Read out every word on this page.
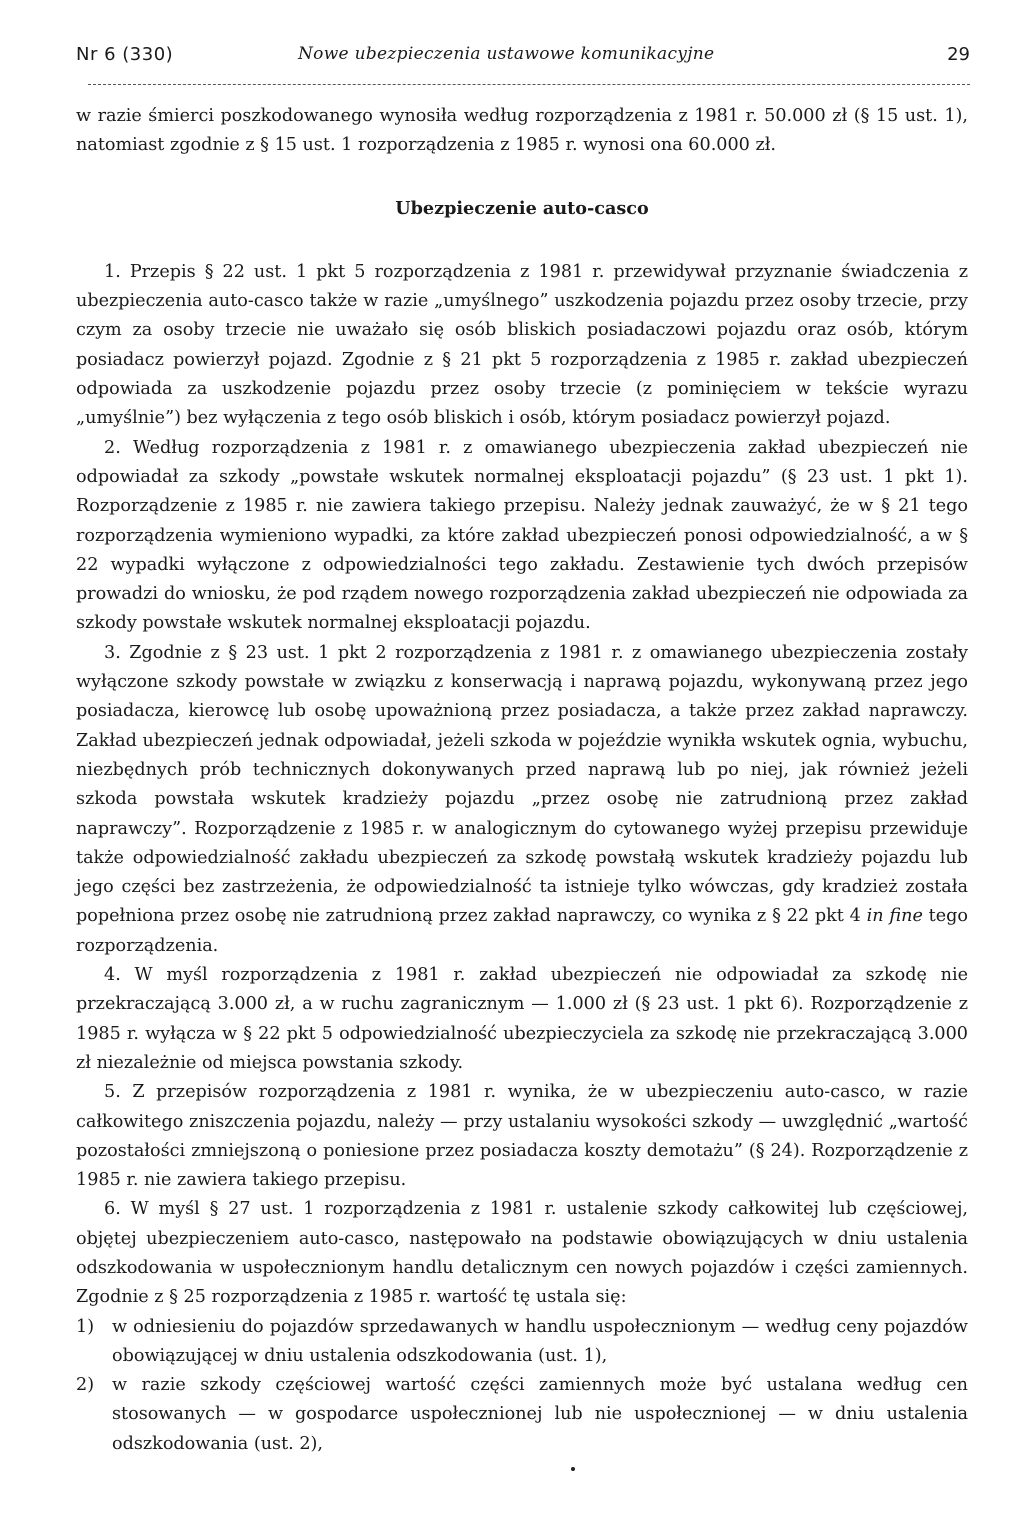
Nr 6 (330)	Nowe ubezpieczenia ustawowe komunikacyjne	29

w razie śmierci poszkodowanego wynosiła według rozporządzenia z 1981 r. 50.000 zł (§ 15 ust. 1), natomiast zgodnie z § 15 ust. 1 rozporządzenia z 1985 r. wynosi ona 60.000 zł.

Ubezpieczenie auto-casco

1. Przepis § 22 ust. 1 pkt 5 rozporządzenia z 1981 r. przewidywał przyznanie świadczenia z ubezpieczenia auto-casco także w razie „umyślnego” uszkodzenia pojazdu przez osoby trzecie, przy czym za osoby trzecie nie uważało się osób bliskich posiadaczowi pojazdu oraz osób, którym posiadacz powierzył pojazd. Zgodnie z § 21 pkt 5 rozporządzenia z 1985 r. zakład ubezpieczeń odpowiada za uszkodzenie pojazdu przez osoby trzecie (z pominięciem w tekście wyrazu „umyślnie”) bez wyłączenia z tego osób bliskich i osób, którym posiadacz powierzył pojazd.

2. Według rozporządzenia z 1981 r. z omawianego ubezpieczenia zakład ubezpieczeń nie odpowiadał za szkody „powstałe wskutek normalnej eksploatacji pojazdu” (§ 23 ust. 1 pkt 1). Rozporządzenie z 1985 r. nie zawiera takiego przepisu. Należy jednak zauważyć, że w § 21 tego rozporządzenia wymieniono wypadki, za które zakład ubezpieczeń ponosi odpowiedzialność, a w § 22 wypadki wyłączone z odpowiedzialności tego zakładu. Zestawienie tych dwóch przepisów prowadzi do wniosku, że pod rządem nowego rozporządzenia zakład ubezpieczeń nie odpowiada za szkody powstałe wskutek normalnej eksploatacji pojazdu.

3. Zgodnie z § 23 ust. 1 pkt 2 rozporządzenia z 1981 r. z omawianego ubezpieczenia zostały wyłączone szkody powstałe w związku z konserwacją i naprawą pojazdu, wykonywaną przez jego posiadacza, kierowcę lub osobę upoważnioną przez posiadacza, a także przez zakład naprawczy. Zakład ubezpieczeń jednak odpowiadał, jeżeli szkoda w pojeździe wynikła wskutek ognia, wybuchu, niezbędnych prób technicznych dokonywanych przed naprawą lub po niej, jak również jeżeli szkoda powstała wskutek kradzieży pojazdu „przez osobę nie zatrudnioną przez zakład naprawczy”. Rozporządzenie z 1985 r. w analogicznym do cytowanego wyżej przepisu przewiduje także odpowiedzialność zakładu ubezpieczeń za szkodę powstałą wskutek kradzieży pojazdu lub jego części bez zastrzeżenia, że odpowiedzialność ta istnieje tylko wówczas, gdy kradzież została popełniona przez osobę nie zatrudnioną przez zakład naprawczy, co wynika z § 22 pkt 4 in fine tego rozporządzenia.

4. W myśl rozporządzenia z 1981 r. zakład ubezpieczeń nie odpowiadał za szkodę nie przekraczającą 3.000 zł, a w ruchu zagranicznym — 1.000 zł (§ 23 ust. 1 pkt 6). Rozporządzenie z 1985 r. wyłącza w § 22 pkt 5 odpowiedzialność ubezpieczyciela za szkodę nie przekraczającą 3.000 zł niezależnie od miejsca powstania szkody.

5. Z przepisów rozporządzenia z 1981 r. wynika, że w ubezpieczeniu auto-casco, w razie całkowitego zniszczenia pojazdu, należy — przy ustalaniu wysokości szkody — uwzględnić „wartość pozostałości zmniejszoną o poniesione przez posiadacza koszty demotażu” (§ 24). Rozporządzenie z 1985 r. nie zawiera takiego przepisu.

6. W myśl § 27 ust. 1 rozporządzenia z 1981 r. ustalenie szkody całkowitej lub częściowej, objętej ubezpieczeniem auto-casco, następowało na podstawie obowiązujących w dniu ustalenia odszkodowania w uspołecznionym handlu detalicznym cen nowych pojazdów i części zamiennych. Zgodnie z § 25 rozporządzenia z 1985 r. wartość tę ustala się:

1) w odniesieniu do pojazdów sprzedawanych w handlu uspołecznionym — według ceny pojazdów obowiązującej w dniu ustalenia odszkodowania (ust. 1),
2) w razie szkody częściowej wartość części zamiennych może być ustalana według cen stosowanych — w gospodarce uspołecznionej lub nie uspołecznionej — w dniu ustalenia odszkodowania (ust. 2),
